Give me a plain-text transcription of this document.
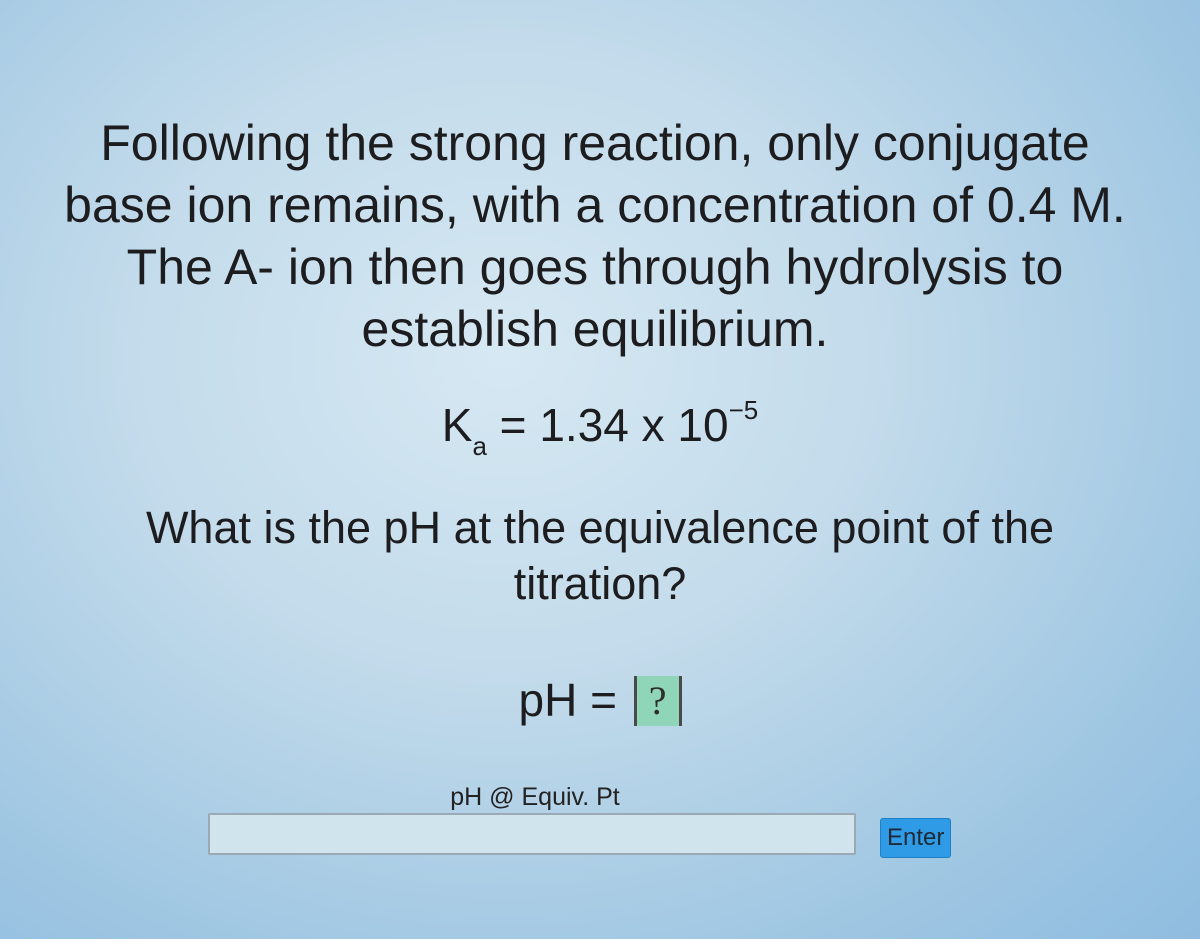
Following the strong reaction, only conjugate base ion remains, with a concentration of 0.4 M. The A- ion then goes through hydrolysis to establish equilibrium.

$K_a = 1.34$ x $10^{-5}$

What is the pH at the equivalence point of the titration?

pH = ?
pH @ Equiv. Pt
Enter
